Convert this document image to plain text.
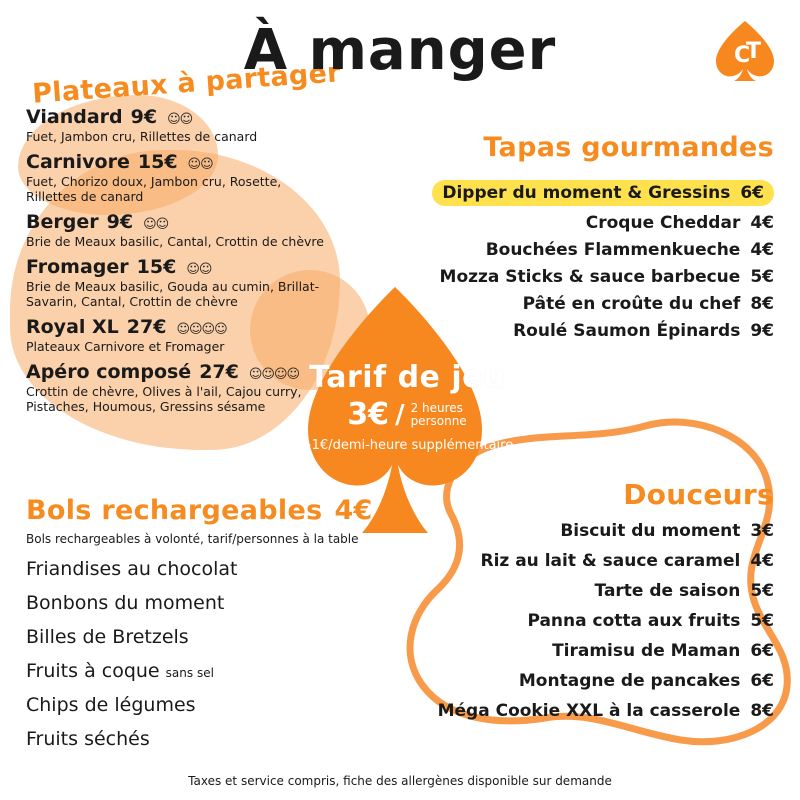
Tarif de jeu
3€ / 2 heures
personne
+1€/demi-heure supplémentaire
C
T
À manger
Plateaux à partager
Viandard 9€ ☺☺
Fuet, Jambon cru, Rillettes de canard
Carnivore 15€ ☺☺
Fuet, Chorizo doux, Jambon cru, Rosette, Rillettes de canard
Berger 9€ ☺☺
Brie de Meaux basilic, Cantal, Crottin de chèvre
Fromager 15€ ☺☺
Brie de Meaux basilic, Gouda au cumin, Brillat-Savarin, Cantal, Crottin de chèvre
Royal XL 27€ ☺☺☺☺
Plateaux Carnivore et Fromager
Apéro composé 27€ ☺☺☺☺
Crottin de chèvre, Olives à l'ail, Cajou curry, Pistaches, Houmous, Gressins sésame
Tapas gourmandes
Dipper du moment & Gressins 6€
Croque Cheddar 4€
Bouchées Flammenkueche 4€
Mozza Sticks & sauce barbecue 5€
Pâté en croûte du chef 8€
Roulé Saumon Épinards 9€
Bols rechargeables 4€
Bols rechargeables à volonté, tarif/personnes à la table
Friandises au chocolat
Bonbons du moment
Billes de Bretzels
Fruits à coque sans sel
Chips de légumes
Fruits séchés
Douceurs
Biscuit du moment 3€
Riz au lait & sauce caramel 4€
Tarte de saison 5€
Panna cotta aux fruits 5€
Tiramisu de Maman 6€
Montagne de pancakes 6€
Méga Cookie XXL à la casserole 8€
Taxes et service compris, fiche des allergènes disponible sur demande
